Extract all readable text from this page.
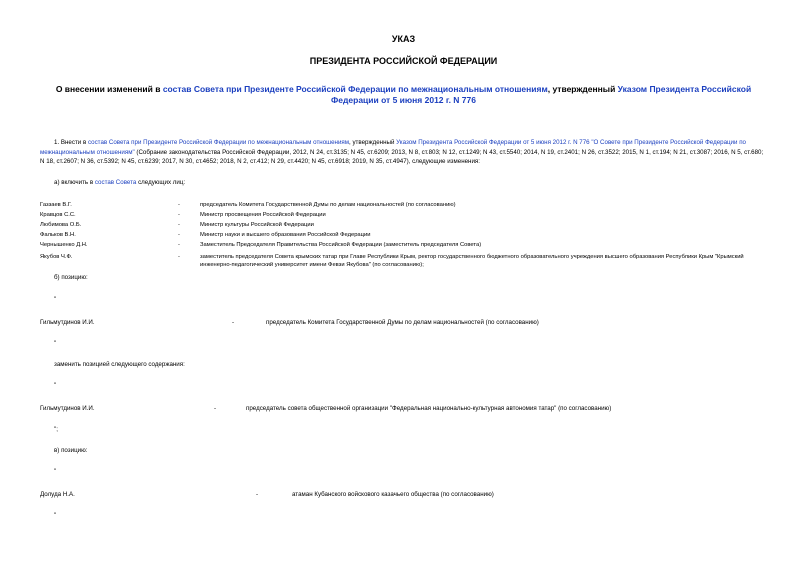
УКАЗ
ПРЕЗИДЕНТА РОССИЙСКОЙ ФЕДЕРАЦИИ
О внесении изменений в состав Совета при Президенте Российской Федерации по межнациональным отношениям, утвержденный Указом Президента Российской Федерации от 5 июня 2012 г. N 776
1. Внести в состав Совета при Президенте Российской Федерации по межнациональным отношениям, утвержденный Указом Президента Российской Федерации от 5 июня 2012 г. N 776 "О Совете при Президенте Российской Федерации по межнациональным отношениям" (Собрание законодательства Российской Федерации, 2012, N 24, ст.3135; N 45, ст.6209; 2013, N 8, ст.803; N 12, ст.1249; N 43, ст.5540; 2014, N 19, ст.2401; N 26, ст.3522; 2015, N 1, ст.194; N 21, ст.3087; 2016, N 5, ст.680; N 18, ст.2607; N 36, ст.5392; N 45, ст.6239; 2017, N 30, ст.4652; 2018, N 2, ст.412; N 29, ст.4420; N 45, ст.6918; 2019, N 35, ст.4947), следующие изменения:
а) включить в состав Совета следующих лиц:
Газзаев В.Г.	-	председатель Комитета Государственной Думы по делам национальностей (по согласованию)
Кравцов С.С.	-	Министр просвещения Российской Федерации
Любимова О.Б.	-	Министр культуры Российской Федерации
Фальков В.Н.	-	Министр науки и высшего образования Российской Федерации
Чернышенко Д.Н.	-	Заместитель Председателя Правительства Российской Федерации (заместитель председателя Совета)
Якубов Ч.Ф.	-	заместитель председателя Совета крымских татар при Главе Республики Крым, ректор государственного бюджетного образовательного учреждения высшего образования Республики Крым "Крымский инженерно-педагогический университет имени Февзи Якубова" (по согласованию);
б) позицию:
"
Гильмутдинов И.И.	-	председатель Комитета Государственной Думы по делам национальностей (по согласованию)
"
заменить позицией следующего содержания:
"
Гильмутдинов И.И.	-	председатель совета общественной организации "Федеральная национально-культурная автономия татар" (по согласованию)
";
в) позицию:
"
Долуда Н.А.	-	атаман Кубанского войскового казачьего общества (по согласованию)
"
